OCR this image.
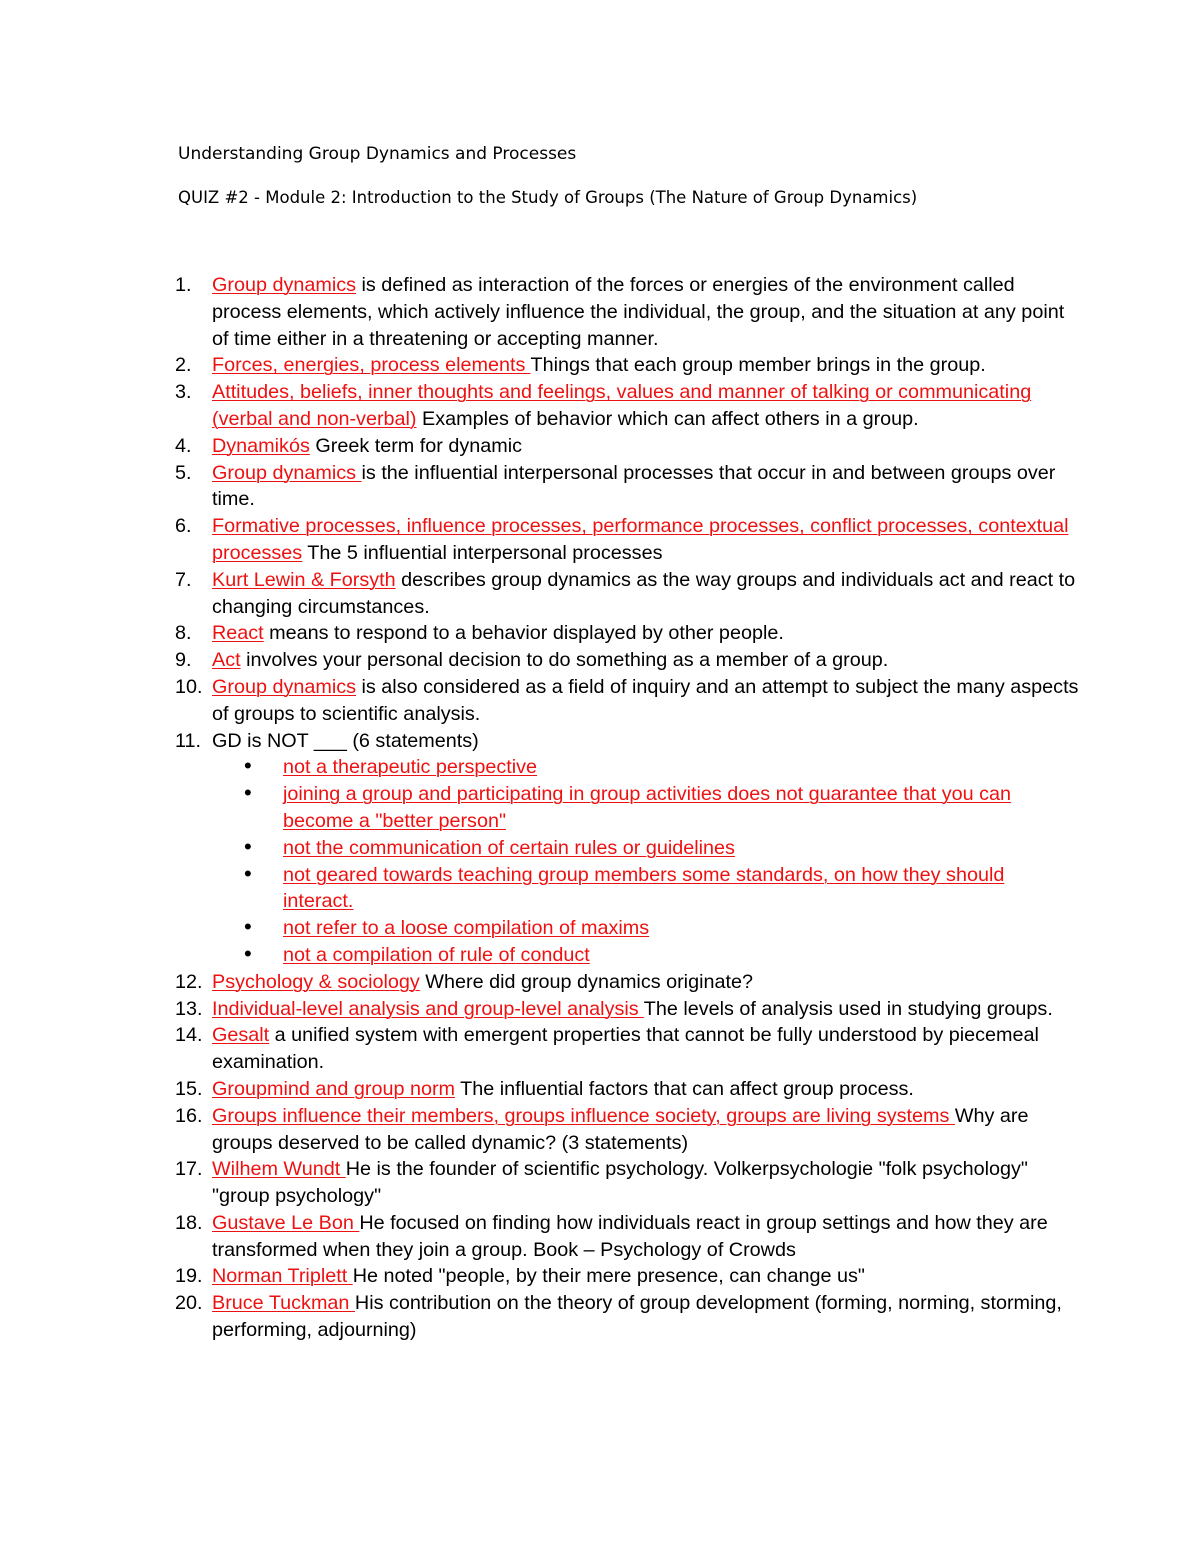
Understanding Group Dynamics and Processes
QUIZ #2 - Module 2: Introduction to the Study of Groups (The Nature of Group Dynamics)
1. Group dynamics is defined as interaction of the forces or energies of the environment called process elements, which actively influence the individual, the group, and the situation at any point of time either in a threatening or accepting manner.
2. Forces, energies, process elements Things that each group member brings in the group.
3. Attitudes, beliefs, inner thoughts and feelings, values and manner of talking or communicating (verbal and non-verbal) Examples of behavior which can affect others in a group.
4. Dynamikós Greek term for dynamic
5. Group dynamics is the influential interpersonal processes that occur in and between groups over time.
6. Formative processes, influence processes, performance processes, conflict processes, contextual processes The 5 influential interpersonal processes
7. Kurt Lewin & Forsyth describes group dynamics as the way groups and individuals act and react to changing circumstances.
8. React means to respond to a behavior displayed by other people.
9. Act involves your personal decision to do something as a member of a group.
10. Group dynamics is also considered as a field of inquiry and an attempt to subject the many aspects of groups to scientific analysis.
11. GD is NOT ___ (6 statements)
• not a therapeutic perspective
• joining a group and participating in group activities does not guarantee that you can become a "better person"
• not the communication of certain rules or guidelines
• not geared towards teaching group members some standards, on how they should interact.
• not refer to a loose compilation of maxims
• not a compilation of rule of conduct
12. Psychology & sociology Where did group dynamics originate?
13. Individual-level analysis and group-level analysis The levels of analysis used in studying groups.
14. Gesalt a unified system with emergent properties that cannot be fully understood by piecemeal examination.
15. Groupmind and group norm The influential factors that can affect group process.
16. Groups influence their members, groups influence society, groups are living systems Why are groups deserved to be called dynamic? (3 statements)
17. Wilhem Wundt He is the founder of scientific psychology. Volkerpsychologie "folk psychology" "group psychology"
18. Gustave Le Bon He focused on finding how individuals react in group settings and how they are transformed when they join a group. Book – Psychology of Crowds
19. Norman Triplett He noted "people, by their mere presence, can change us"
20. Bruce Tuckman His contribution on the theory of group development (forming, norming, storming, performing, adjourning)
